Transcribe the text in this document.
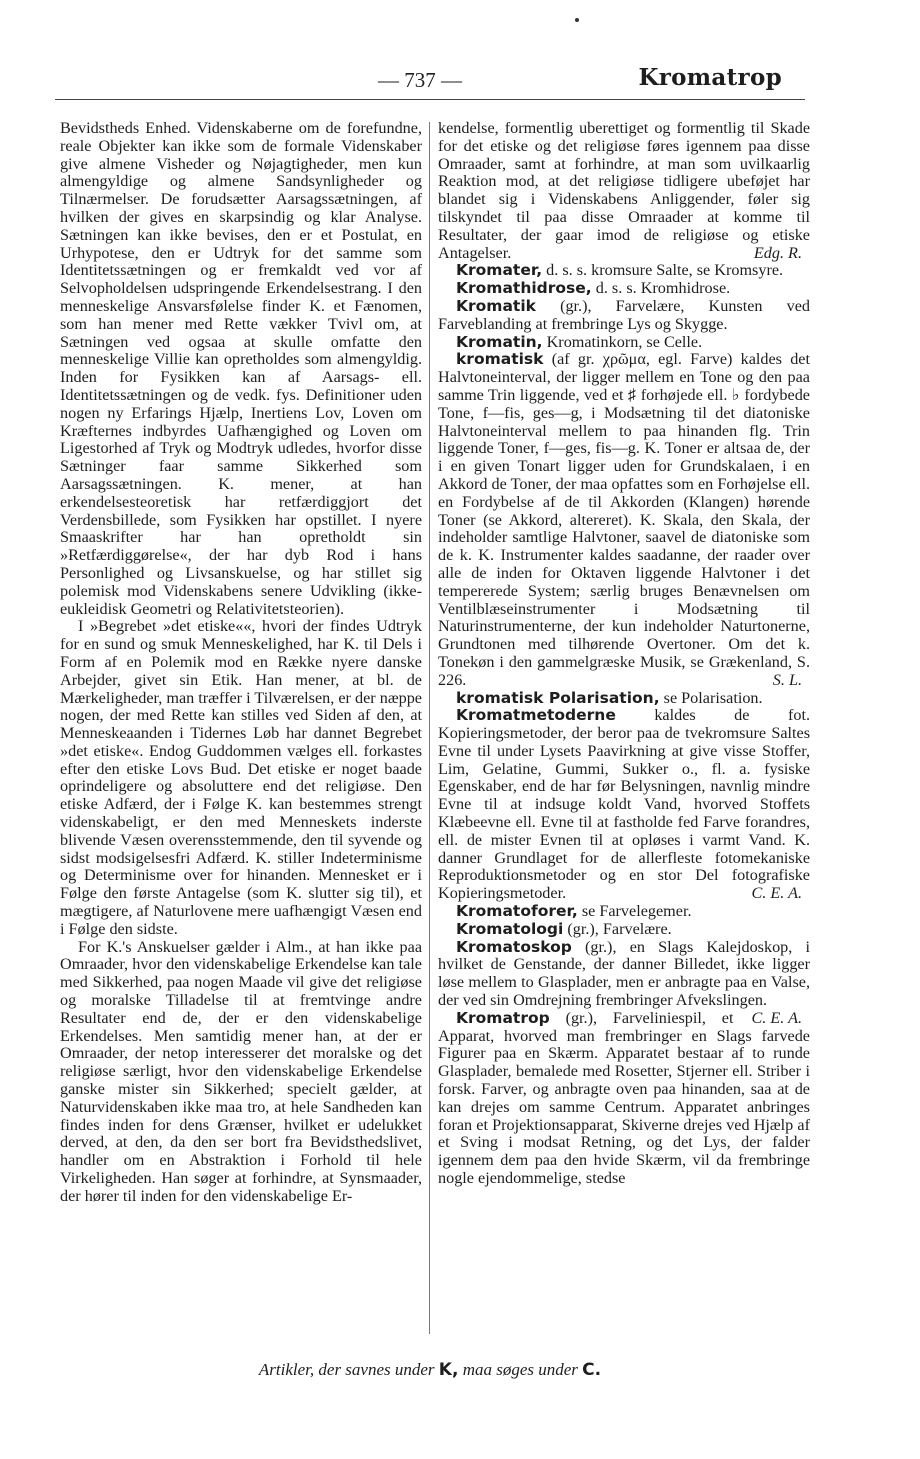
— 737 —	Kromatrop

Bevidstheds Enhed. Videnskaberne om de forefundne, reale Objekter kan ikke som de formale Videnskaber give almene Visheder og Nøjagtigheder, men kun almengyldige og almene Sandsynligheder og Tilnærmelser. De forudsætter Aarsagssætningen, af hvilken der gives en skarpsindig og klar Analyse. Sætningen kan ikke bevises, den er et Postulat, en Urhypotese, den er Udtryk for det samme som Identitetssætningen og er fremkaldt ved vor af Selvopholdelsen udspringende Erkendelsestrang. I den menneskelige Ansvarsfølelse finder K. et Fænomen, som han mener med Rette vækker Tvivl om, at Sætningen ved ogsaa at skulle omfatte den menneskelige Villie kan opretholdes som almengyldig. Inden for Fysikken kan af Aarsags- ell. Identitetssætningen og de vedk. fys. Definitioner uden nogen ny Erfarings Hjælp, Inertiens Lov, Loven om Kræfternes indbyrdes Uafhængighed og Loven om Ligestorhed af Tryk og Modtryk udledes, hvorfor disse Sætninger faar samme Sikkerhed som Aarsagssætningen. K. mener, at han erkendelsesteoretisk har retfærdiggjort det Verdensbillede, som Fysikken har opstillet. I nyere Smaaskrifter har han opretholdt sin »Retfærdiggørelse«, der har dyb Rod i hans Personlighed og Livsanskuelse, og har stillet sig polemisk mod Videnskabens senere Udvikling (ikke-eukleidisk Geometri og Relativitetsteorien).

I »Begrebet »det etiske««, hvori der findes Udtryk for en sund og smuk Menneskelighed, har K. til Dels i Form af en Polemik mod en Række nyere danske Arbejder, givet sin Etik. Han mener, at bl. de Mærkeligheder, man træffer i Tilværelsen, er der næppe nogen, der med Rette kan stilles ved Siden af den, at Menneskeaanden i Tidernes Løb har dannet Begrebet »det etiske«. Endog Guddommen vælges ell. forkastes efter den etiske Lovs Bud. Det etiske er noget baade oprindeligere og absoluttere end det religiøse. Den etiske Adfærd, der i Følge K. kan bestemmes strengt videnskabeligt, er den med Menneskets inderste blivende Væsen overensstemmende, den til syvende og sidst modsigelsesfri Adfærd. K. stiller Indeterminisme og Determinisme over for hinanden. Mennesket er i Følge den første Antagelse (som K. slutter sig til), et mægtigere, af Naturlovene mere uafhængigt Væsen end i Følge den sidste.

For K.'s Anskuelser gælder i Alm., at han ikke paa Omraader, hvor den videnskabelige Erkendelse kan tale med Sikkerhed, paa nogen Maade vil give det religiøse og moralske Tilladelse til at fremtvinge andre Resultater end de, der er den videnskabelige Erkendelses. Men samtidig mener han, at der er Omraader, der netop interesserer det moralske og det religiøse særligt, hvor den videnskabelige Erkendelse ganske mister sin Sikkerhed; specielt gælder, at Naturvidenskaben ikke maa tro, at hele Sandheden kan findes inden for dens Grænser, hvilket er udelukket derved, at den, da den ser bort fra Bevidsthedslivet, handler om en Abstraktion i Forhold til hele Virkeligheden. Han søger at forhindre, at Synsmaader, der hører til inden for den videnskabelige Er-

kendelse, formentlig uberettiget og formentlig til Skade for det etiske og det religiøse føres igennem paa disse Omraader, samt at forhindre, at man som uvilkaarlig Reaktion mod, at det religiøse tidligere ubeføjet har blandet sig i Videnskabens Anliggender, føler sig tilskyndet til paa disse Omraader at komme til Resultater, der gaar imod de religiøse og etiske Antagelser.	Edg. R.

Kromater, d. s. s. kromsure Salte, se Kromsyre.

Kromathidrose, d. s. s. Kromhidrose.

Kromatik (gr.), Farvelære, Kunsten ved Farveblanding at frembringe Lys og Skygge.

Kromatin, Kromatinkorn, se Celle.

kromatisk (af gr. χρῶμα, egl. Farve) kaldes det Halvtoneinterval, der ligger mellem en Tone og den paa samme Trin liggende, ved et ♯ forhøjede ell. ♭ fordybede Tone, f—fis, ges—g, i Modsætning til det diatoniske Halvtoneinterval mellem to paa hinanden flg. Trin liggende Toner, f—ges, fis—g. K. Toner er altsaa de, der i en given Tonart ligger uden for Grundskalaen, i en Akkord de Toner, der maa opfattes som en Forhøjelse ell. en Fordybelse af de til Akkorden (Klangen) hørende Toner (se Akkord, altereret). K. Skala, den Skala, der indeholder samtlige Halvtoner, saavel de diatoniske som de k. K. Instrumenter kaldes saadanne, der raader over alle de inden for Oktaven liggende Halvtoner i det tempererede System; særlig bruges Benævnelsen om Ventilblæseinstrumenter i Modsætning til Naturinstrumenterne, der kun indeholder Naturtonerne, Grundtonen med tilhørende Overtoner. Om det k. Tonekøn i den gammelgræske Musik, se Grækenland, S. 226.	S. L.

kromatisk Polarisation, se Polarisation.

Kromatmetoderne kaldes de fot. Kopieringsmetoder, der beror paa de tvekromsure Saltes Evne til under Lysets Paavirkning at give visse Stoffer, Lim, Gelatine, Gummi, Sukker o., fl. a. fysiske Egenskaber, end de har før Belysningen, navnlig mindre Evne til at indsuge koldt Vand, hvorved Stoffets Klæbeevne ell. Evne til at fastholde fed Farve forandres, ell. de mister Evnen til at opløses i varmt Vand. K. danner Grundlaget for de allerfleste fotomekaniske Reproduktionsmetoder og en stor Del fotografiske Kopieringsmetoder.	C. E. A.

Kromatoforer, se Farvelegemer.

Kromatologi (gr.), Farvelære.

Kromatoskop (gr.), en Slags Kalejdoskop, i hvilket de Genstande, der danner Billedet, ikke ligger løse mellem to Glasplader, men er anbragte paa en Valse, der ved sin Omdrejning frembringer Afvekslingen.
C. E. A.

Kromatrop (gr.), Farveliniespil, et Apparat, hvorved man frembringer en Slags farvede Figurer paa en Skærm. Apparatet bestaar af to runde Glasplader, bemalede med Rosetter, Stjerner ell. Striber i forsk. Farver, og anbragte oven paa hinanden, saa at de kan drejes om samme Centrum. Apparatet anbringes foran et Projektionsapparat, Skiverne drejes ved Hjælp af et Sving i modsat Retning, og det Lys, der falder igennem dem paa den hvide Skærm, vil da frembringe nogle ejendommelige, stedse

Artikler, der savnes under K, maa søges under C.
